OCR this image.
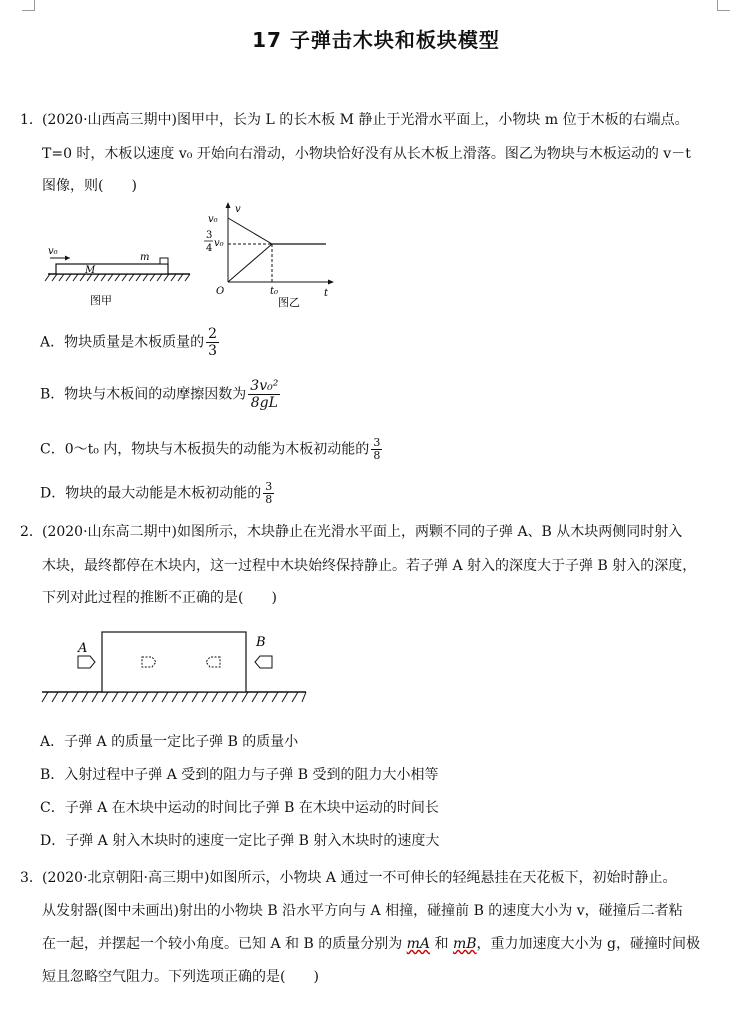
17 子弹击木块和板块模型
1． (2020·山西高三期中)图甲中，长为 L 的长木板 M 静止于光滑水平面上，小物块 m 位于木板的右端点。
T=0 时，木板以速度 v₀ 开始向右滑动，小物块恰好没有从长木板上滑落。图乙为物块与木板运动的 v－t
图像，则(　　)
v₀
M
m
图甲
v
t
v₀
3
4 v₀
O	t₀
图乙
A．物块质量是木板质量的 $\frac{2}{3}$
B．物块与木板间的动摩擦因数为 $\frac{\text{3v₀²}}{8gL}$
C．0～t₀ 内，物块与木板损失的动能为木板初动能的 $\frac{3}{8}$
D．物块的最大动能是木板初动能的 $\frac{3}{8}$
2． (2020·山东高二期中)如图所示，木块静止在光滑水平面上，两颗不同的子弹 A、B 从木块两侧同时射入
木块，最终都停在木块内，这一过程中木块始终保持静止。若子弹 A 射入的深度大于子弹 B 射入的深度，
下列对此过程的推断不正确的是(　　)
A	B
A．子弹 A 的质量一定比子弹 B 的质量小
B．入射过程中子弹 A 受到的阻力与子弹 B 受到的阻力大小相等
C．子弹 A 在木块中运动的时间比子弹 B 在木块中运动的时间长
D．子弹 A 射入木块时的速度一定比子弹 B 射入木块时的速度大
3． (2020·北京朝阳·高三期中)如图所示，小物块 A 通过一不可伸长的轻绳悬挂在天花板下，初始时静止。
从发射器(图中未画出)射出的小物块 B 沿水平方向与 A 相撞，碰撞前 B 的速度大小为 v，碰撞后二者粘
在一起，并摆起一个较小角度。已知 A 和 B 的质量分别为 mA 和 mB，重力加速度大小为 g，碰撞时间极
短且忽略空气阻力。下列选项正确的是(　　)
